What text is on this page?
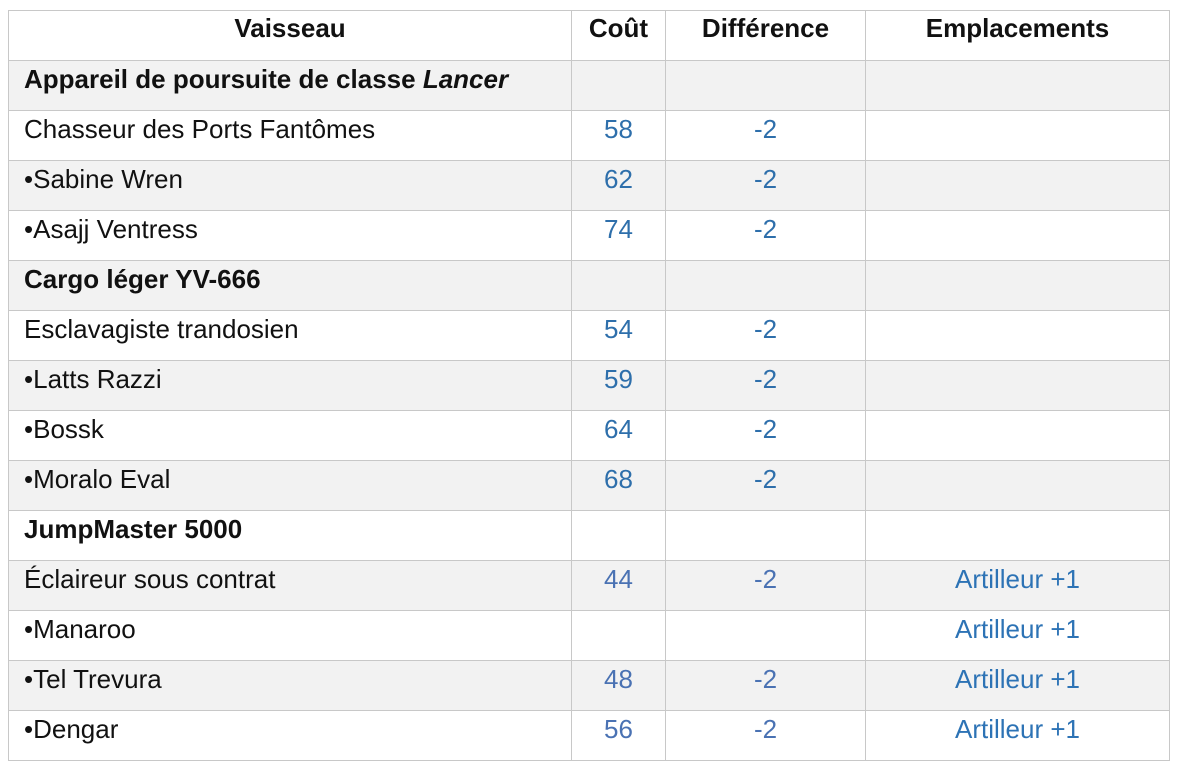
Vaisseau	Coût	Différence	Emplacements
Appareil de poursuite de classe Lancer			
Chasseur des Ports Fantômes	58	-2	
•Sabine Wren	62	-2	
•Asajj Ventress	74	-2	
Cargo léger YV-666			
Esclavagiste trandosien	54	-2	
•Latts Razzi	59	-2	
•Bossk	64	-2	
•Moralo Eval	68	-2	
JumpMaster 5000			
Éclaireur sous contrat	44	-2	Artilleur +1
•Manaroo			Artilleur +1
•Tel Trevura	48	-2	Artilleur +1
•Dengar	56	-2	Artilleur +1
